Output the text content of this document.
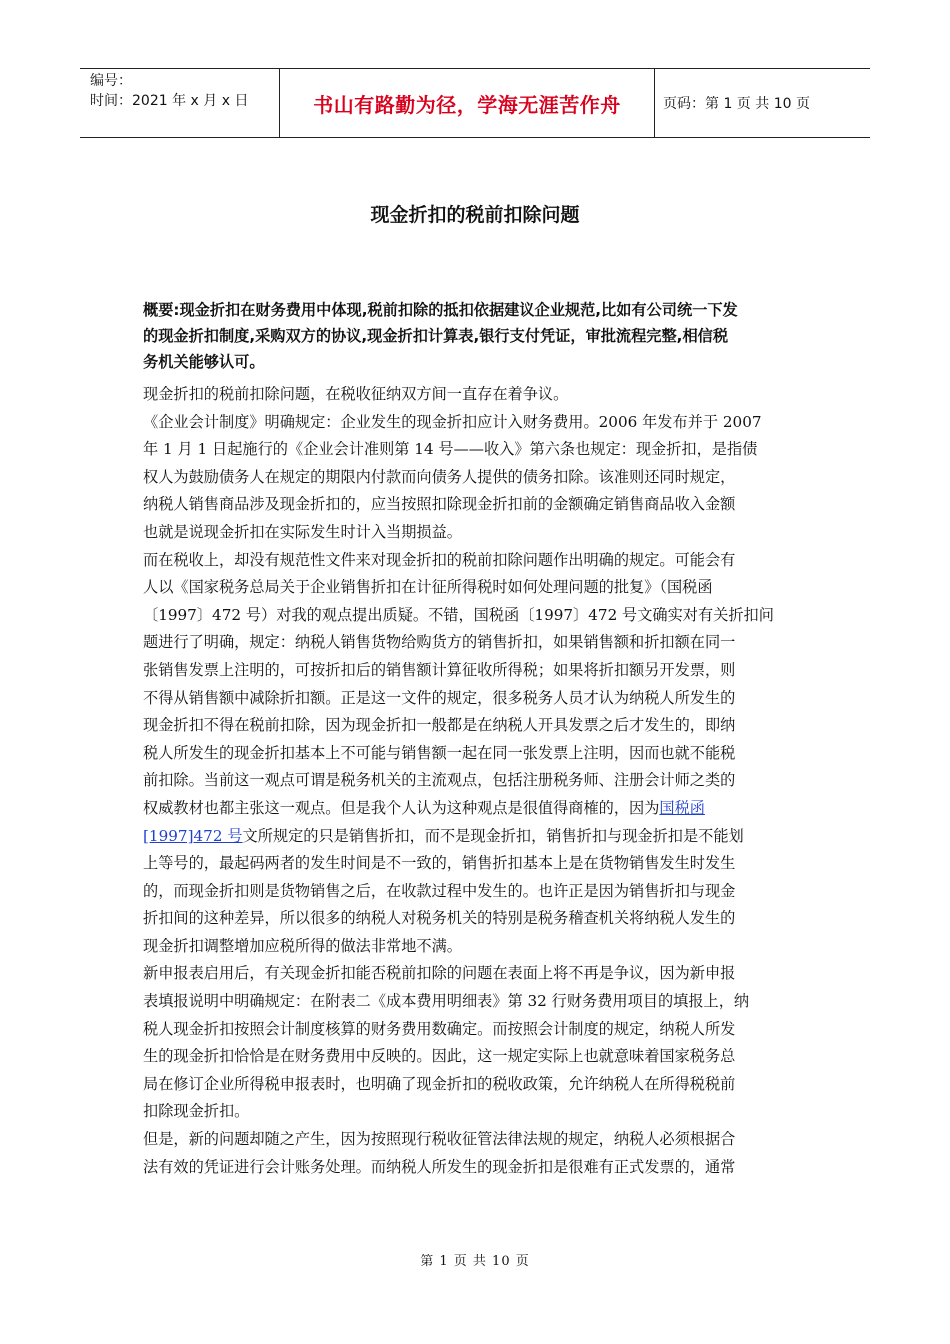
编号：
时间：2021 年 x 月 x 日	书山有路勤为径，学海无涯苦作舟	页码：第 1 页 共 10 页
现金折扣的税前扣除问题
概要:现金折扣在财务费用中体现,税前扣除的抵扣依据建议企业规范,比如有公司统一下发
的现金折扣制度,采购双方的协议,现金折扣计算表,银行支付凭证，审批流程完整,相信税
务机关能够认可。

现金折扣的税前扣除问题，在税收征纳双方间一直存在着争议。

《企业会计制度》明确规定：企业发生的现金折扣应计入财务费用。2006 年发布并于 2007

年 1 月 1 日起施行的《企业会计准则第 14 号——收入》第六条也规定：现金折扣，是指债

权人为鼓励债务人在规定的期限内付款而向债务人提供的债务扣除。该准则还同时规定，

纳税人销售商品涉及现金折扣的，应当按照扣除现金折扣前的金额确定销售商品收入金额

也就是说现金折扣在实际发生时计入当期损益。

而在税收上，却没有规范性文件来对现金折扣的税前扣除问题作出明确的规定。可能会有

人以《国家税务总局关于企业销售折扣在计征所得税时如何处理问题的批复》（国税函

〔1997〕472 号）对我的观点提出质疑。不错，国税函〔1997〕472 号文确实对有关折扣问

题进行了明确，规定：纳税人销售货物给购货方的销售折扣，如果销售额和折扣额在同一

张销售发票上注明的，可按折扣后的销售额计算征收所得税；如果将折扣额另开发票，则

不得从销售额中减除折扣额。正是这一文件的规定，很多税务人员才认为纳税人所发生的

现金折扣不得在税前扣除，因为现金折扣一般都是在纳税人开具发票之后才发生的，即纳

税人所发生的现金折扣基本上不可能与销售额一起在同一张发票上注明，因而也就不能税

前扣除。当前这一观点可谓是税务机关的主流观点，包括注册税务师、注册会计师之类的

权威教材也都主张这一观点。但是我个人认为这种观点是很值得商榷的，因为国税函

[1997]472 号文所规定的只是销售折扣，而不是现金折扣，销售折扣与现金折扣是不能划

上等号的，最起码两者的发生时间是不一致的，销售折扣基本上是在货物销售发生时发生

的，而现金折扣则是货物销售之后，在收款过程中发生的。也许正是因为销售折扣与现金

折扣间的这种差异，所以很多的纳税人对税务机关的特别是税务稽查机关将纳税人发生的

现金折扣调整增加应税所得的做法非常地不满。

新申报表启用后，有关现金折扣能否税前扣除的问题在表面上将不再是争议，因为新申报

表填报说明中明确规定：在附表二《成本费用明细表》第 32 行财务费用项目的填报上，纳

税人现金折扣按照会计制度核算的财务费用数确定。而按照会计制度的规定，纳税人所发

生的现金折扣恰恰是在财务费用中反映的。因此，这一规定实际上也就意味着国家税务总

局在修订企业所得税申报表时，也明确了现金折扣的税收政策，允许纳税人在所得税税前

扣除现金折扣。

但是，新的问题却随之产生，因为按照现行税收征管法律法规的规定，纳税人必须根据合

法有效的凭证进行会计账务处理。而纳税人所发生的现金折扣是很难有正式发票的，通常

第 1 页 共 10 页
